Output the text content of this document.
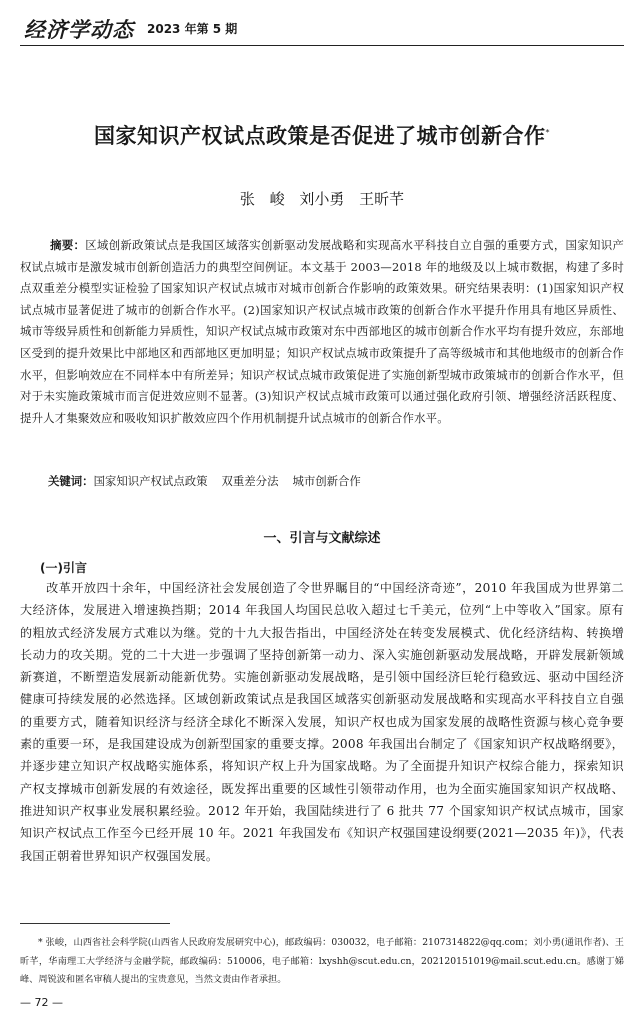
经济学动态 2023 年第 5 期
国家知识产权试点政策是否促进了城市创新合作*
张 峻 刘小勇 王昕芊
摘要：区域创新政策试点是我国区域落实创新驱动发展战略和实现高水平科技自立自强的重要方式，国家知识产权试点城市是激发城市创新创造活力的典型空间例证。本文基于 2003—2018 年的地级及以上城市数据，构建了多时点双重差分模型实证检验了国家知识产权试点城市对城市创新合作影响的政策效果。研究结果表明：(1)国家知识产权试点城市显著促进了城市的创新合作水平。(2)国家知识产权试点城市政策的创新合作水平提升作用具有地区异质性、城市等级异质性和创新能力异质性，知识产权试点城市政策对东中西部地区的城市创新合作水平均有提升效应，东部地区受到的提升效果比中部地区和西部地区更加明显；知识产权试点城市政策提升了高等级城市和其他地级市的创新合作水平，但影响效应在不同样本中有所差异；知识产权试点城市政策促进了实施创新型城市政策城市的创新合作水平，但对于未实施政策城市而言促进效应则不显著。(3)知识产权试点城市政策可以通过强化政府引领、增强经济活跃程度、提升人才集聚效应和吸收知识扩散效应四个作用机制提升试点城市的创新合作水平。
关键词：国家知识产权试点政策 双重差分法 城市创新合作
一、引言与文献综述
(一)引言
改革开放四十余年，中国经济社会发展创造了令世界瞩目的“中国经济奇迹”，2010 年我国成为世界第二大经济体，发展进入增速换挡期；2014 年我国人均国民总收入超过七千美元，位列“上中等收入”国家。原有的粗放式经济发展方式难以为继。党的十九大报告指出，中国经济处在转变发展模式、优化经济结构、转换增长动力的攻关期。党的二十大进一步强调了坚持创新第一动力、深入实施创新驱动发展战略，开辟发展新领域新赛道，不断塑造发展新动能新优势。实施创新驱动发展战略，是引领中国经济巨轮行稳致远、驱动中国经济健康可持续发展的必然选择。区域创新政策试点是我国区域落实创新驱动发展战略和实现高水平科技自立自强的重要方式，随着知识经济与经济全球化不断深入发展，知识产权也成为国家发展的战略性资源与核心竞争要素的重要一环，是我国建设成为创新型国家的重要支撑。2008 年我国出台制定了《国家知识产权战略纲要》，并逐步建立知识产权战略实施体系，将知识产权上升为国家战略。为了全面提升知识产权综合能力，探索知识产权支撑城市创新发展的有效途径，既发挥出重要的区域性引领带动作用，也为全面实施国家知识产权战略、推进知识产权事业发展积累经验。2012 年开始，我国陆续进行了 6 批共 77 个国家知识产权试点城市，国家知识产权试点工作至今已经开展 10 年。2021 年我国发布《知识产权强国建设纲要(2021—2035 年)》，代表我国正朝着世界知识产权强国发展。
* 张峻，山西省社会科学院(山西省人民政府发展研究中心)，邮政编码：030032，电子邮箱：2107314822@qq.com；刘小勇(通讯作者)、王昕芊，华南理工大学经济与金融学院，邮政编码：510006，电子邮箱：lxyshh@scut.edu.cn，202120151019@mail.scut.edu.cn。感谢丁娣峰、周锐波和匿名审稿人提出的宝贵意见，当然文责由作者承担。
— 72 —
